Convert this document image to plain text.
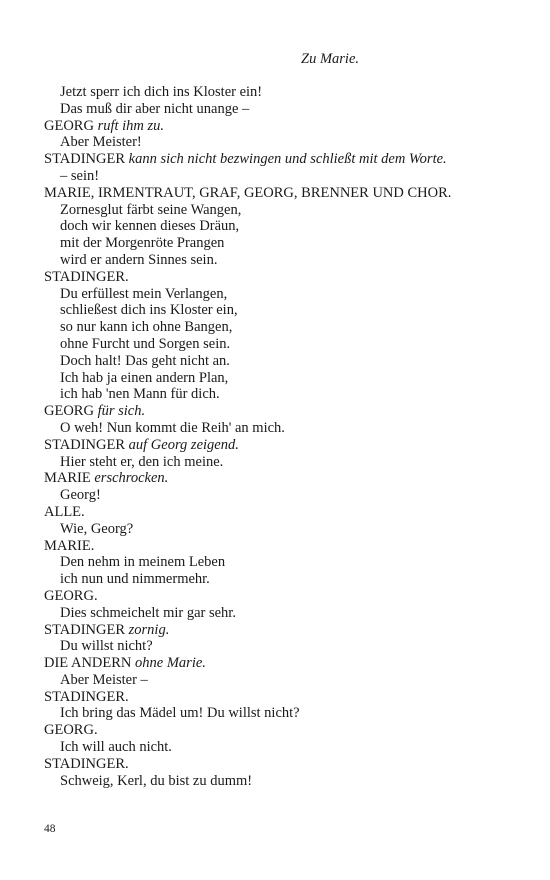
Zu Marie.
Jetzt sperr ich dich ins Kloster ein!
Das muß dir aber nicht unange –
GEORG ruft ihm zu.
Aber Meister!
STADINGER kann sich nicht bezwingen und schließt mit dem Worte.
– sein!
MARIE, IRMENTRAUT, GRAF, GEORG, BRENNER UND CHOR.
Zornesglut färbt seine Wangen,
doch wir kennen dieses Dräun,
mit der Morgenröte Prangen
wird er andern Sinnes sein.
STADINGER.
Du erfüllest mein Verlangen,
schließest dich ins Kloster ein,
so nur kann ich ohne Bangen,
ohne Furcht und Sorgen sein.
Doch halt! Das geht nicht an.
Ich hab ja einen andern Plan,
ich hab 'nen Mann für dich.
GEORG für sich.
O weh! Nun kommt die Reih' an mich.
STADINGER auf Georg zeigend.
Hier steht er, den ich meine.
MARIE erschrocken.
Georg!
ALLE.
Wie, Georg?
MARIE.
Den nehm in meinem Leben
ich nun und nimmermehr.
GEORG.
Dies schmeichelt mir gar sehr.
STADINGER zornig.
Du willst nicht?
DIE ANDERN ohne Marie.
Aber Meister –
STADINGER.
Ich bring das Mädel um! Du willst nicht?
GEORG.
Ich will auch nicht.
STADINGER.
Schweig, Kerl, du bist zu dumm!
48
